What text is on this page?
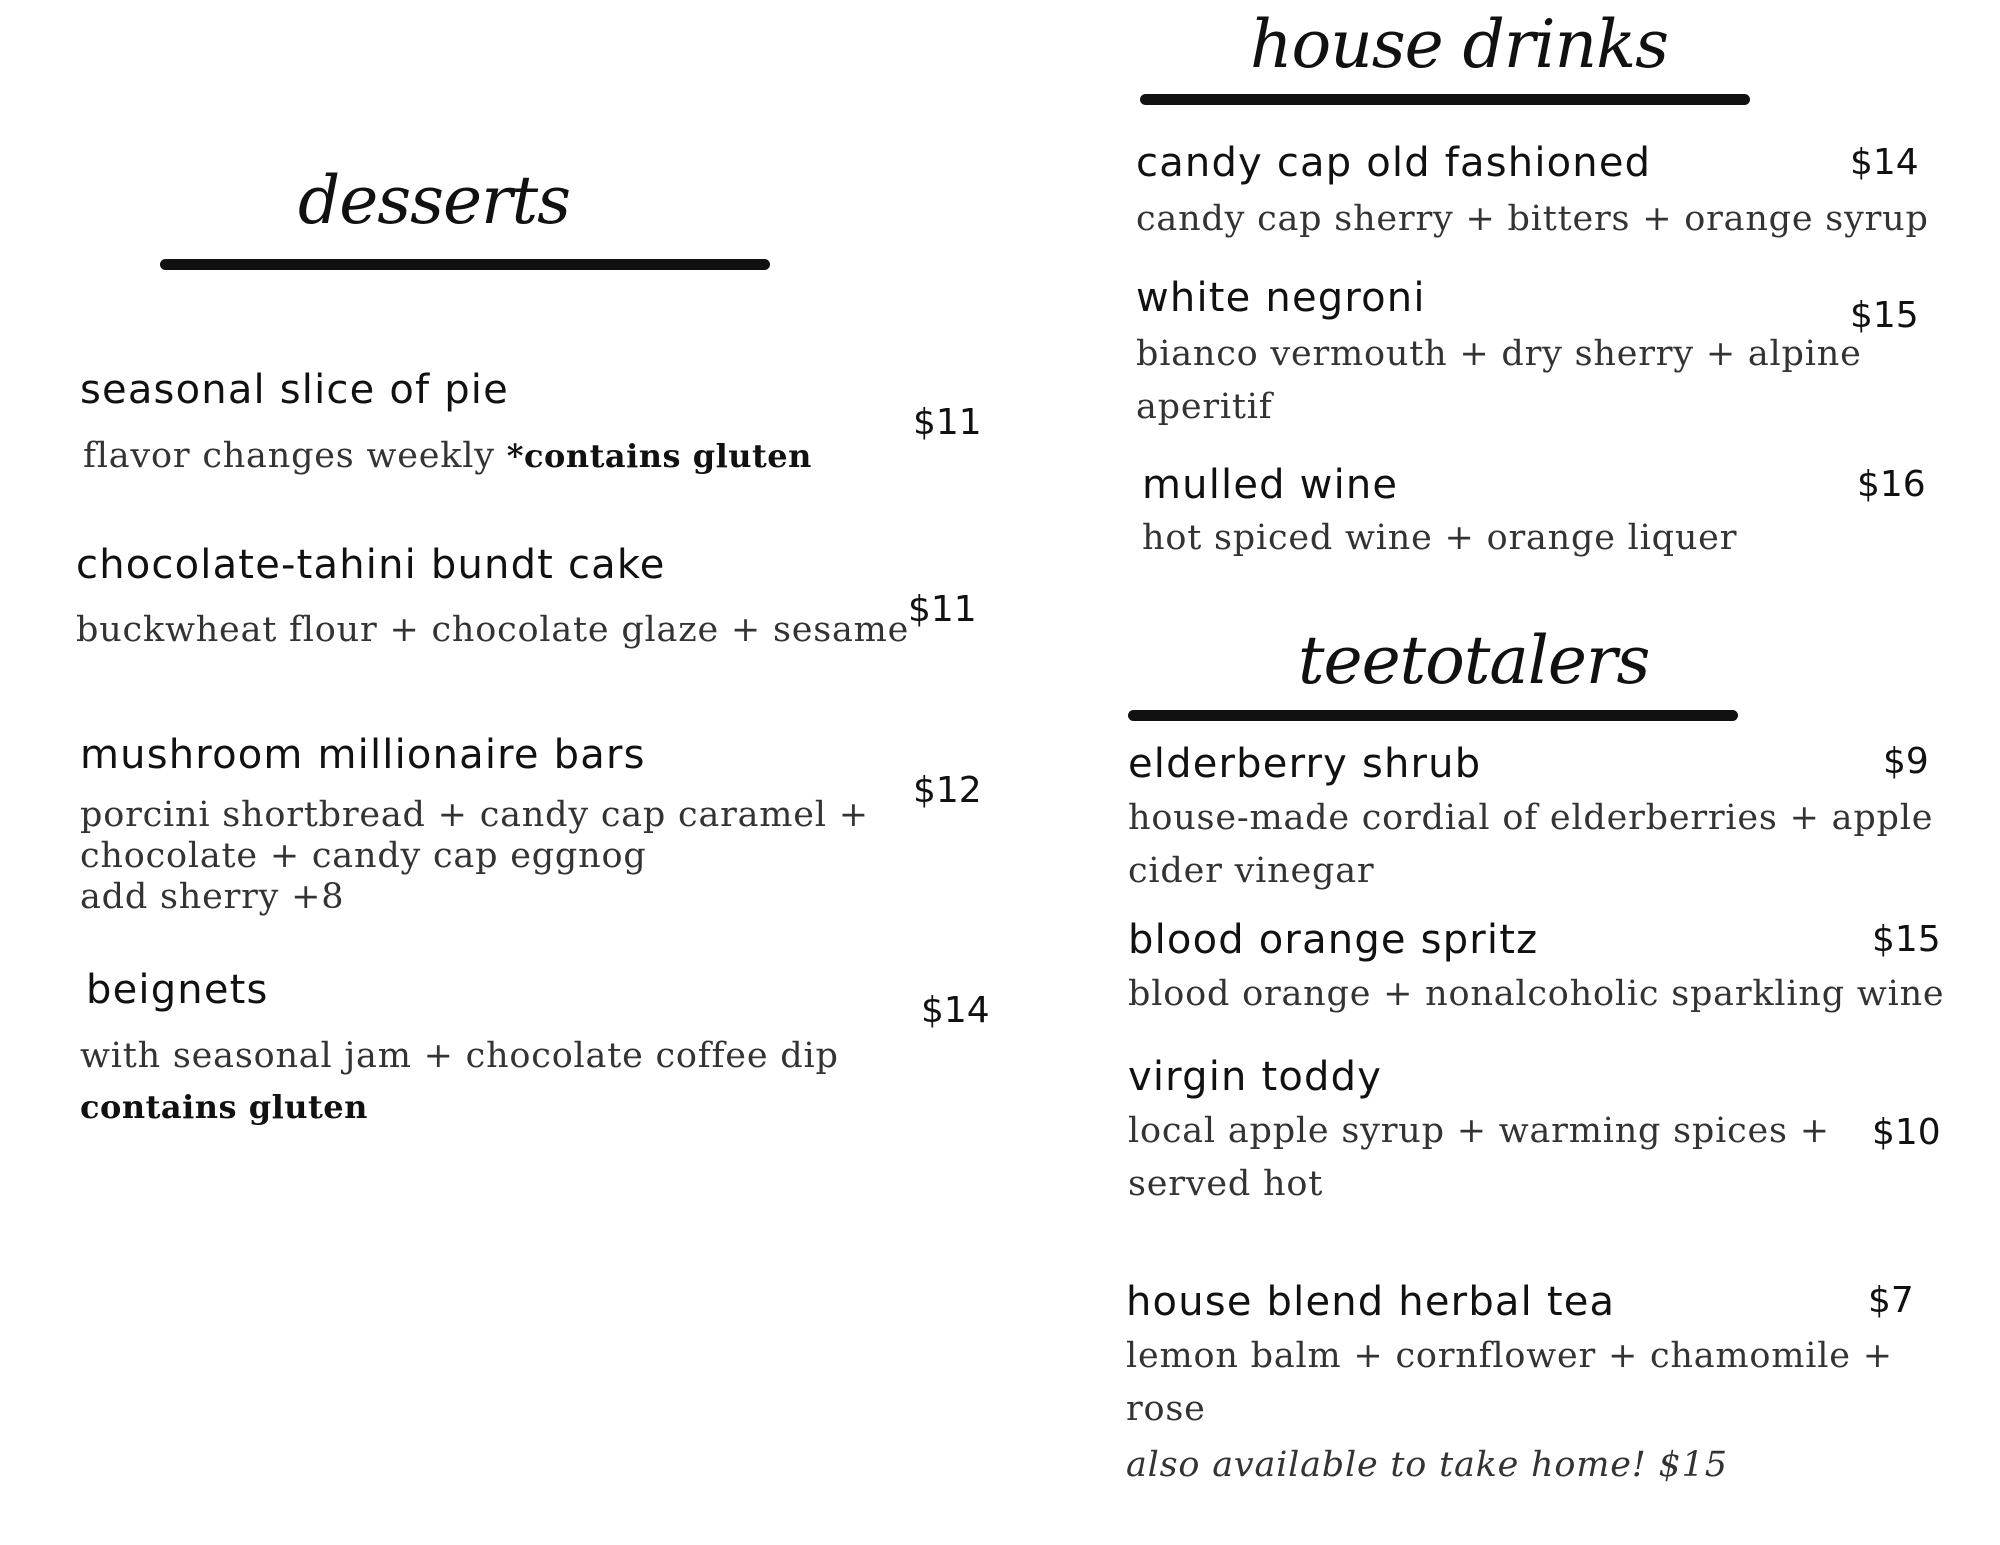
desserts
seasonal slice of pie
$11
flavor changes weekly *contains gluten
chocolate-tahini bundt cake
$11
buckwheat flour + chocolate glaze + sesame
mushroom millionaire bars
$12
porcini shortbread + candy cap caramel +
chocolate + candy cap eggnog
add sherry +8
beignets	$14
with seasonal jam + chocolate coffee dip
contains gluten
house drinks
candy cap old fashioned	$14
candy cap sherry + bitters + orange syrup
white negroni	$15
bianco vermouth + dry sherry + alpine
aperitif
mulled wine	$16
hot spiced wine + orange liquer
teetotalers
elderberry shrub	$9
house-made cordial of elderberries + apple
cider vinegar
blood orange spritz	$15
blood orange + nonalcoholic sparkling wine
virgin toddy
$10
local apple syrup + warming spices +
served hot
house blend herbal tea	$7
lemon balm + cornflower + chamomile +
rose
also available to take home! $15
